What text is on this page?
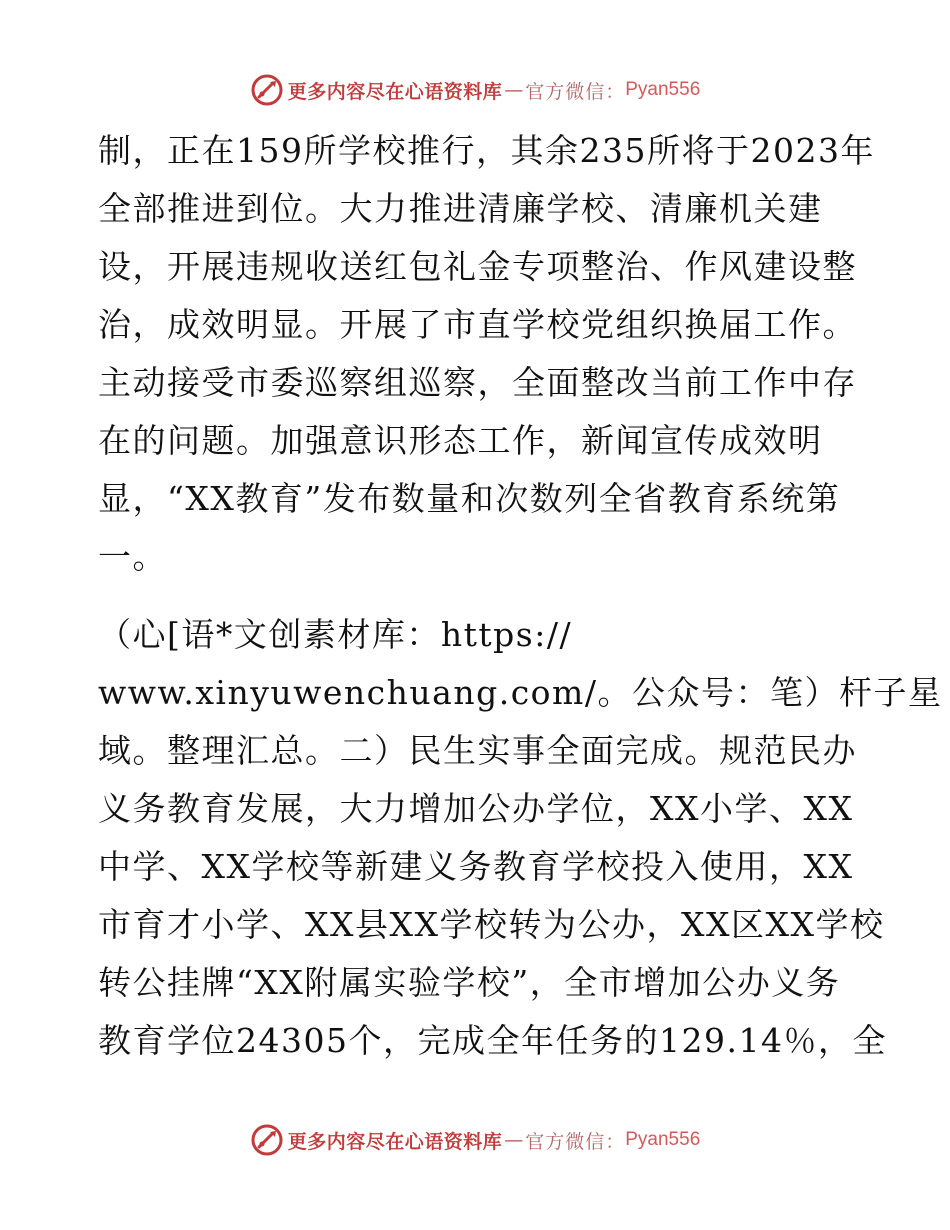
更多内容尽在心语资料库 — 官方微信： Pyan556
制，正在159所学校推行，其余235所将于2023年
全部推进到位。大力推进清廉学校、清廉机关建
设，开展违规收送红包礼金专项整治、作风建设整
治，成效明显。开展了市直学校党组织换届工作。
主动接受市委巡察组巡察，全面整改当前工作中存
在的问题。加强意识形态工作，新闻宣传成效明
显，“XX教育”发布数量和次数列全省教育系统第
一。
（心[语*文创素材库：https://
www.xinyuwenchuang.com/。公众号：笔）杆子星
域。整理汇总。二）民生实事全面完成。规范民办
义务教育发展，大力增加公办学位，XX小学、XX
中学、XX学校等新建义务教育学校投入使用，XX
市育才小学、XX县XX学校转为公办，XX区XX学校
转公挂牌“XX附属实验学校”，全市增加公办义务
教育学位24305个，完成全年任务的129.14％，全
更多内容尽在心语资料库 — 官方微信： Pyan556
